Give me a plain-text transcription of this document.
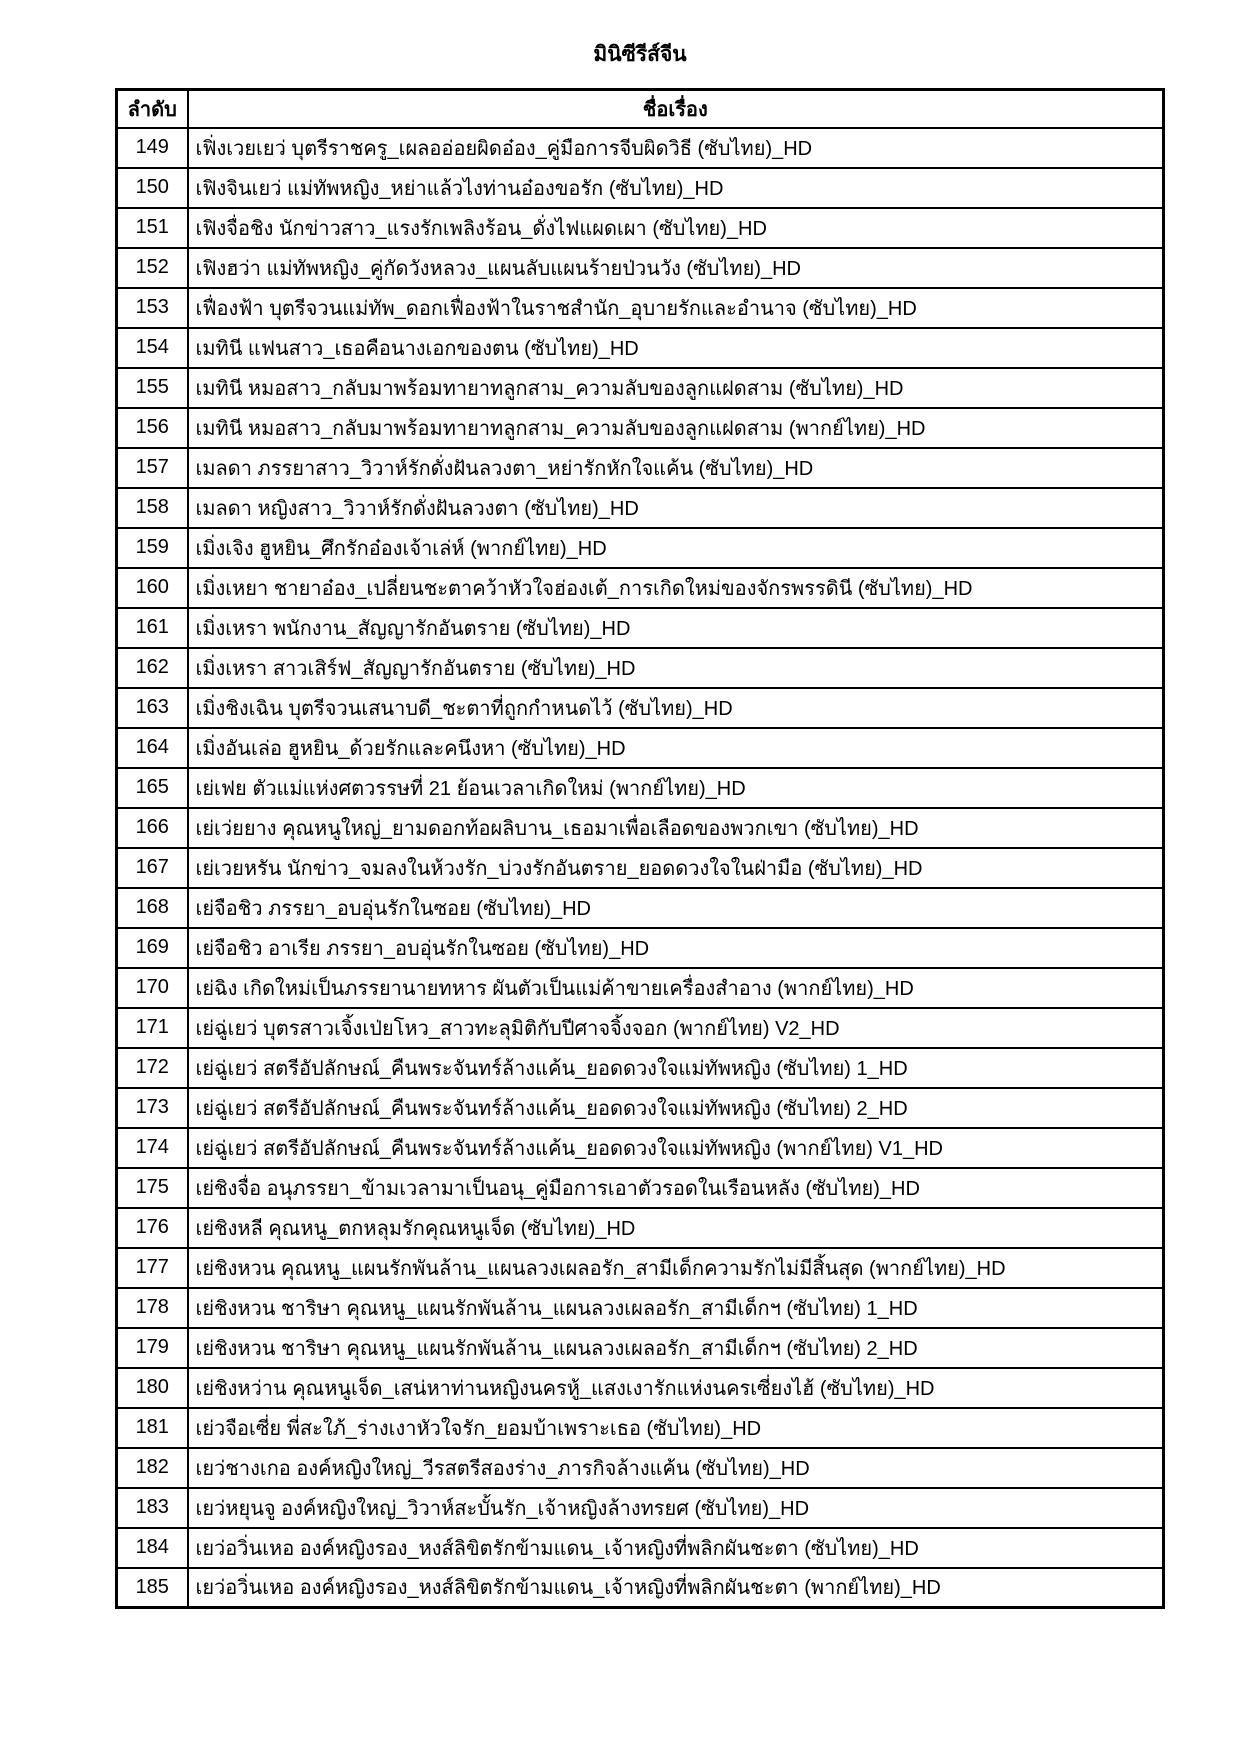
มินิซีรีส์จีน
ลำดับ	ชื่อเรื่อง
149	เฟิ่งเวยเยว่ บุตรีราชครู_เผลออ่อยผิดอ๋อง_คู่มือการจีบผิดวิธี (ซับไทย)_HD
150	เฟิงจินเยว่ แม่ทัพหญิง_หย่าแล้วไงท่านอ๋องขอรัก (ซับไทย)_HD
151	เฟิงจื่อชิง นักข่าวสาว_แรงรักเพลิงร้อน_ดั่งไฟแผดเผา (ซับไทย)_HD
152	เฟิงฮว่า แม่ทัพหญิง_คู่กัดวังหลวง_แผนลับแผนร้ายป่วนวัง (ซับไทย)_HD
153	เฟื่องฟ้า บุตรีจวนแม่ทัพ_ดอกเฟื่องฟ้าในราชสำนัก_อุบายรักและอำนาจ (ซับไทย)_HD
154	เมทินี แฟนสาว_เธอคือนางเอกของตน (ซับไทย)_HD
155	เมทินี หมอสาว_กลับมาพร้อมทายาทลูกสาม_ความลับของลูกแฝดสาม (ซับไทย)_HD
156	เมทินี หมอสาว_กลับมาพร้อมทายาทลูกสาม_ความลับของลูกแฝดสาม (พากย์ไทย)_HD
157	เมลดา ภรรยาสาว_วิวาห์รักดั่งฝันลวงตา_หย่ารักหักใจแค้น (ซับไทย)_HD
158	เมลดา หญิงสาว_วิวาห์รักดั่งฝันลวงตา (ซับไทย)_HD
159	เมิ่งเจิง ฮูหยิน_ศึกรักอ๋องเจ้าเล่ห์ (พากย์ไทย)_HD
160	เมิ่งเหยา ชายาอ๋อง_เปลี่ยนชะตาคว้าหัวใจฮ่องเต้_การเกิดใหม่ของจักรพรรดินี (ซับไทย)_HD
161	เมิ่งเหรา พนักงาน_สัญญารักอันตราย (ซับไทย)_HD
162	เมิ่งเหรา สาวเสิร์ฟ_สัญญารักอันตราย (ซับไทย)_HD
163	เมิ่งชิงเฉิน บุตรีจวนเสนาบดี_ชะตาที่ถูกกำหนดไว้ (ซับไทย)_HD
164	เมิ่งอันเล่อ ฮูหยิน_ด้วยรักและคนึงหา (ซับไทย)_HD
165	เย่เฟย ตัวแม่แห่งศตวรรษที่ 21 ย้อนเวลาเกิดใหม่ (พากย์ไทย)_HD
166	เย่เว่ยยาง คุณหนูใหญ่_ยามดอกท้อผลิบาน_เธอมาเพื่อเลือดของพวกเขา (ซับไทย)_HD
167	เย่เวยหรัน นักข่าว_จมลงในห้วงรัก_บ่วงรักอันตราย_ยอดดวงใจในฝ่ามือ (ซับไทย)_HD
168	เย่จือชิว ภรรยา_อบอุ่นรักในซอย (ซับไทย)_HD
169	เย่จือชิว อาเรีย ภรรยา_อบอุ่นรักในซอย (ซับไทย)_HD
170	เย่ฉิง เกิดใหม่เป็นภรรยานายทหาร ผันตัวเป็นแม่ค้าขายเครื่องสำอาง (พากย์ไทย)_HD
171	เย่ฉู่เยว่ บุตรสาวเจิ้งเป่ยโหว_สาวทะลุมิติกับปีศาจจิ้งจอก (พากย์ไทย) V2_HD
172	เย่ฉู่เยว่ สตรีอัปลักษณ์_คืนพระจันทร์ล้างแค้น_ยอดดวงใจแม่ทัพหญิง (ซับไทย) 1_HD
173	เย่ฉู่เยว่ สตรีอัปลักษณ์_คืนพระจันทร์ล้างแค้น_ยอดดวงใจแม่ทัพหญิง (ซับไทย) 2_HD
174	เย่ฉู่เยว่ สตรีอัปลักษณ์_คืนพระจันทร์ล้างแค้น_ยอดดวงใจแม่ทัพหญิง (พากย์ไทย) V1_HD
175	เย่ชิงจื่อ อนุภรรยา_ข้ามเวลามาเป็นอนุ_คู่มือการเอาตัวรอดในเรือนหลัง (ซับไทย)_HD
176	เย่ชิงหลี คุณหนู_ตกหลุมรักคุณหนูเจ็ด (ซับไทย)_HD
177	เย่ชิงหวน คุณหนู_แผนรักพันล้าน_แผนลวงเผลอรัก_สามีเด็กความรักไม่มีสิ้นสุด (พากย์ไทย)_HD
178	เย่ชิงหวน ชาริษา คุณหนู_แผนรักพันล้าน_แผนลวงเผลอรัก_สามีเด็กฯ (ซับไทย) 1_HD
179	เย่ชิงหวน ชาริษา คุณหนู_แผนรักพันล้าน_แผนลวงเผลอรัก_สามีเด็กฯ (ซับไทย) 2_HD
180	เย่ชิงหว่าน คุณหนูเจ็ด_เสน่หาท่านหญิงนครหู้_แสงเงารักแห่งนครเซี่ยงไฮ้ (ซับไทย)_HD
181	เย่วจือเซี่ย พี่สะใภ้_ร่างเงาหัวใจรัก_ยอมบ้าเพราะเธอ (ซับไทย)_HD
182	เยว่ชางเกอ องค์หญิงใหญ่_วีรสตรีสองร่าง_ภารกิจล้างแค้น (ซับไทย)_HD
183	เยว่หยุนจู องค์หญิงใหญ่_วิวาห์สะบั้นรัก_เจ้าหญิงล้างทรยศ (ซับไทย)_HD
184	เยว่อวิ่นเหอ องค์หญิงรอง_หงส์ลิขิตรักข้ามแดน_เจ้าหญิงที่พลิกผันชะตา (ซับไทย)_HD
185	เยว่อวิ่นเหอ องค์หญิงรอง_หงส์ลิขิตรักข้ามแดน_เจ้าหญิงที่พลิกผันชะตา (พากย์ไทย)_HD
